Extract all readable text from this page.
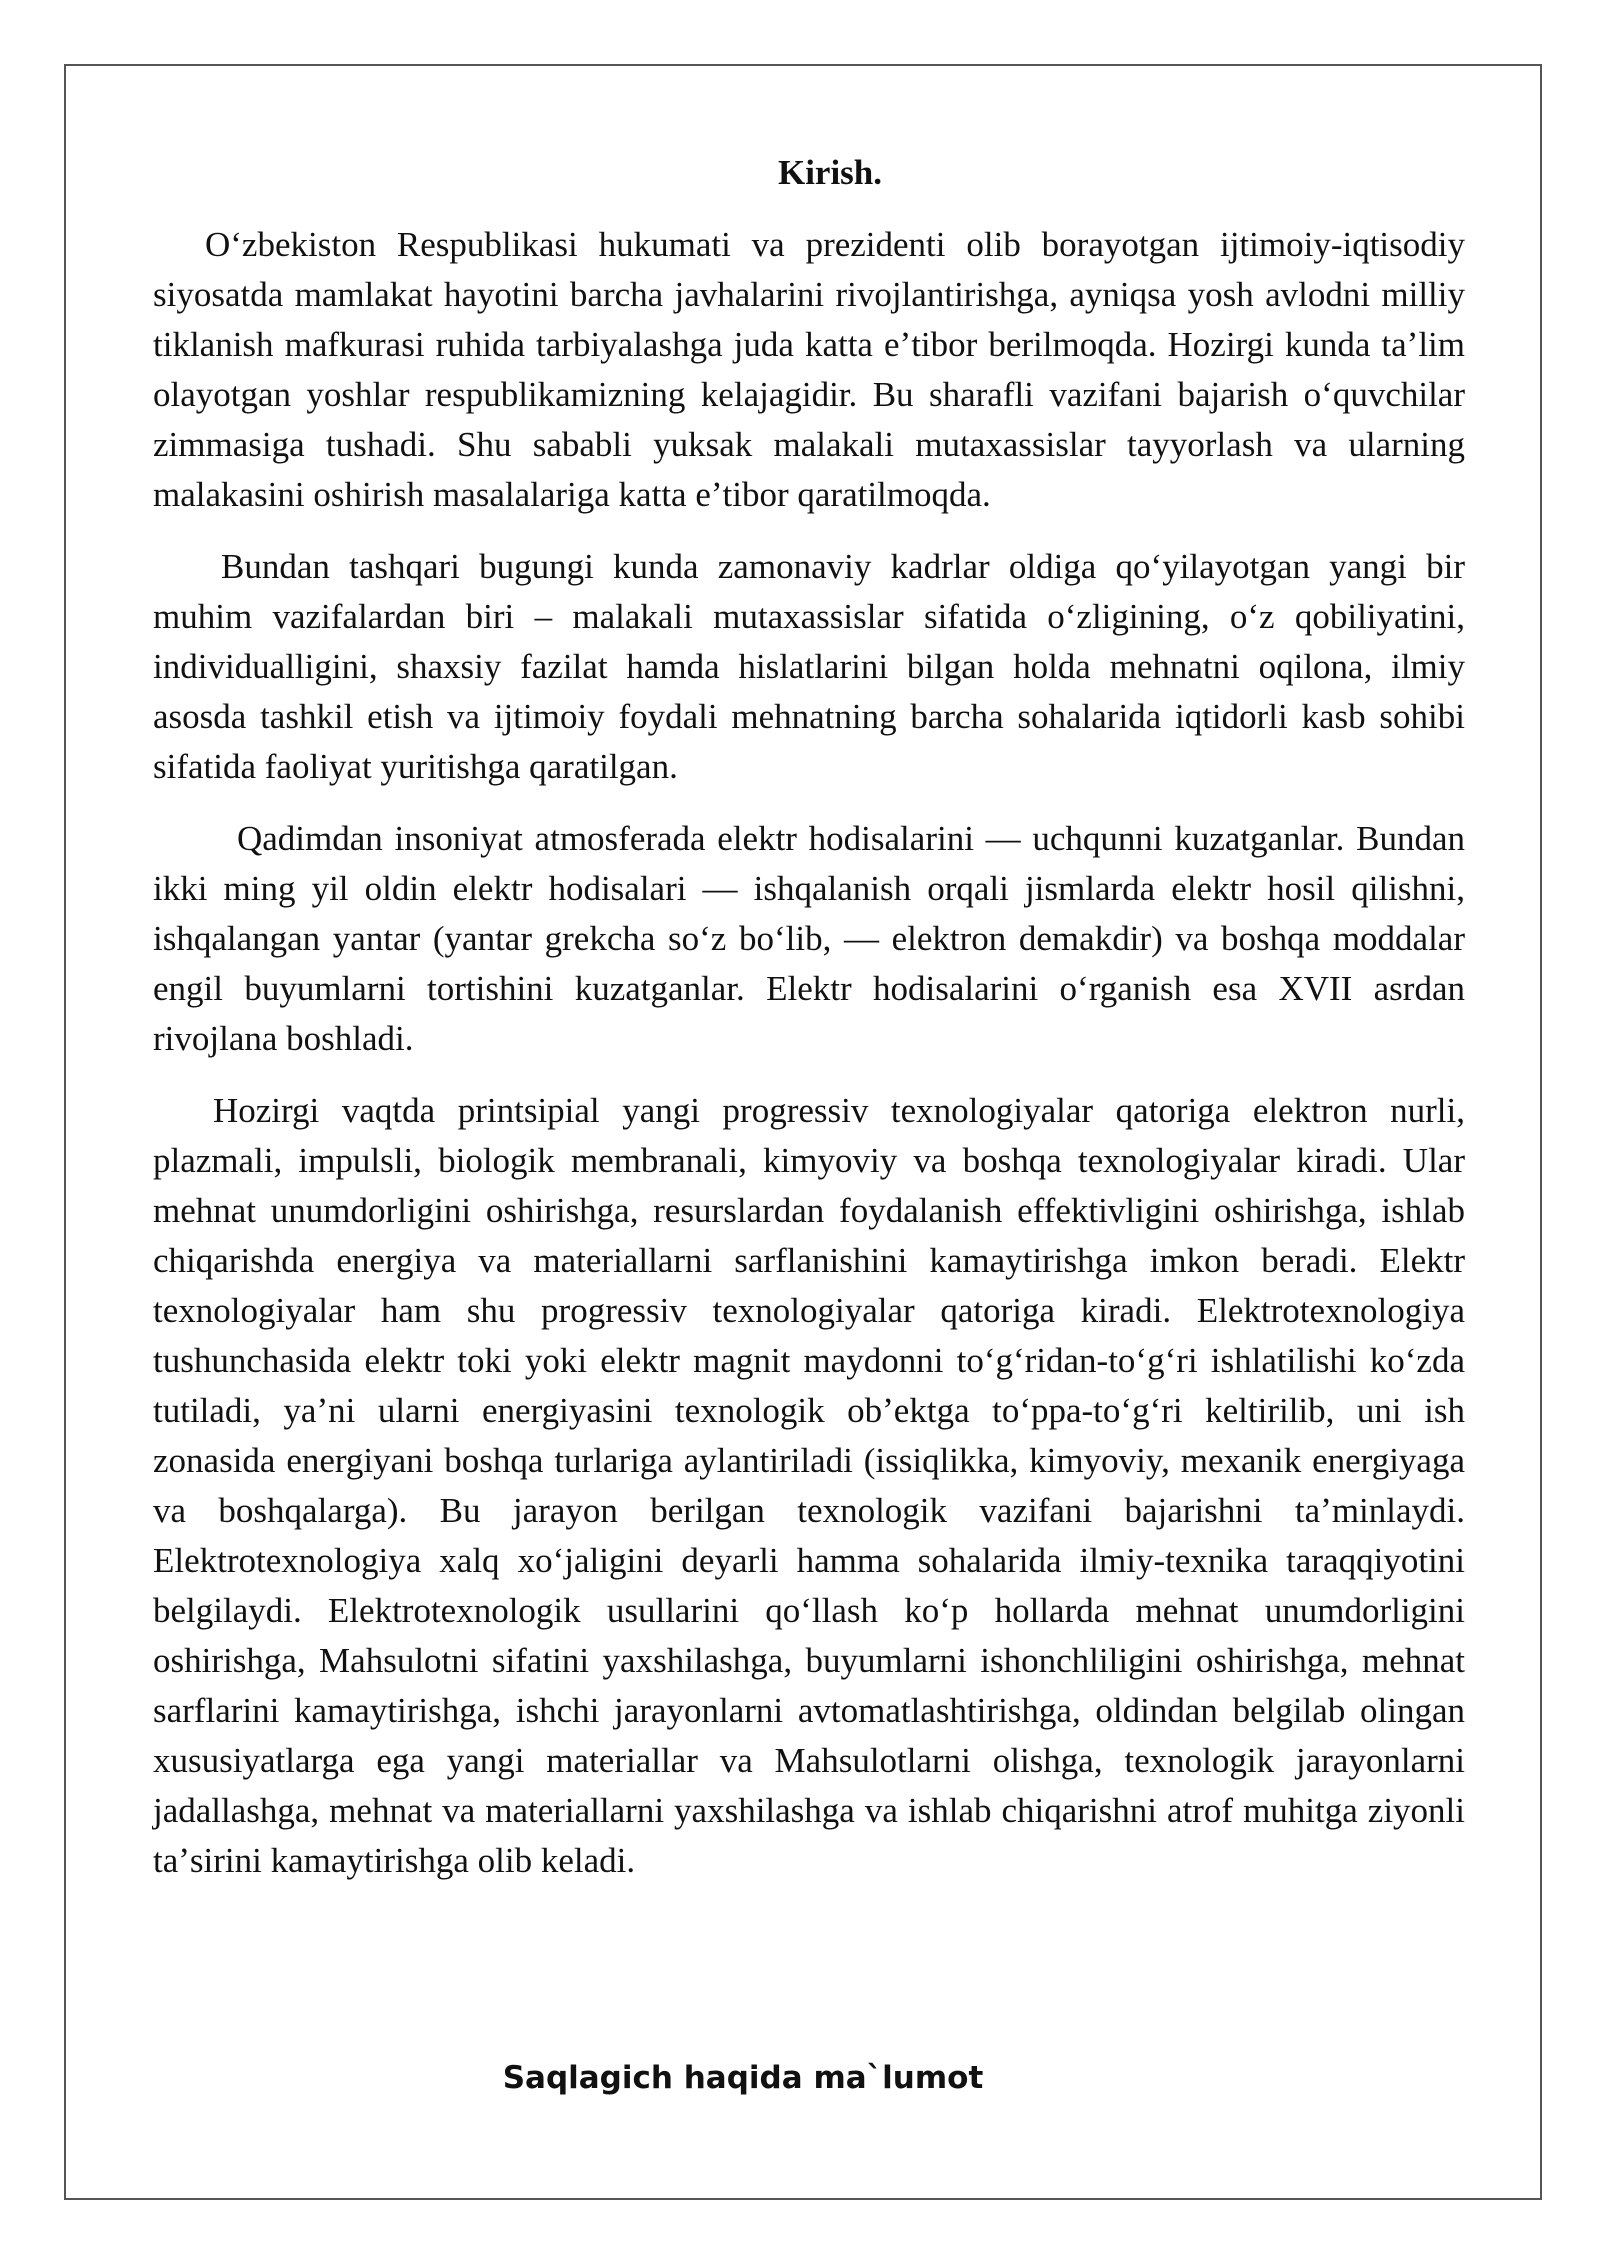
Kirish.

Oʻzbekiston Respublikasi hukumati va prezidenti olib borayotgan ijtimoiy-iqtisodiy siyosatda mamlakat hayotini barcha javhalarini rivojlantirishga, ayniqsa yosh avlodni milliy tiklanish mafkurasi ruhida tarbiyalashga juda katta eʼtibor berilmoqda. Hozirgi kunda taʼlim olayotgan yoshlar respublikamizning kelajagidir. Bu sharafli vazifani bajarish oʻquvchilar zimmasiga tushadi. Shu sababli yuksak malakali mutaxassislar tayyorlash va ularning malakasini oshirish masalalariga katta eʼtibor qaratilmoqda.

Bundan tashqari bugungi kunda zamonaviy kadrlar oldiga qoʻyilayotgan yangi bir muhim vazifalardan biri – malakali mutaxassislar sifatida oʻzligining, oʻz qobiliyatini, individualligini, shaxsiy fazilat hamda hislatlarini bilgan holda mehnatni oqilona, ilmiy asosda tashkil etish va ijtimoiy foydali mehnatning barcha sohalarida iqtidorli kasb sohibi sifatida faoliyat yuritishga qaratilgan.

Qadimdan insoniyat atmosferada elektr hodisalarini — uchqunni kuzatganlar. Bundan ikki ming yil oldin elektr hodisalari — ishqalanish orqali jismlarda elektr hosil qilishni, ishqalangan yantar (yantar grekcha soʻz boʻlib, — elektron demakdir) va boshqa moddalar engil buyumlarni tortishini kuzatganlar. Elektr hodisalarini oʻrganish esa XVII asrdan rivojlana boshladi.

Hozirgi vaqtda printsipial yangi progressiv texnologiyalar qatoriga elektron nurli, plazmali, impulsli, biologik membranali, kimyoviy va boshqa texnologiyalar kiradi. Ular mehnat unumdorligini oshirishga, resurslardan foydalanish effektivligini oshirishga, ishlab chiqarishda energiya va materiallarni sarflanishini kamaytirishga imkon beradi. Elektr texnologiyalar ham shu progressiv texnologiyalar qatoriga kiradi. Elektrotexnologiya tushunchasida elektr toki yoki elektr magnit maydonni toʻgʻridan-toʻgʻri ishlatilishi koʻzda tutiladi, yaʼni ularni energiyasini texnologik obʼektga toʻppa-toʻgʻri keltirilib, uni ish zonasida energiyani boshqa turlariga aylantiriladi (issiqlikka, kimyoviy, mexanik energiyaga va boshqalarga). Bu jarayon berilgan texnologik vazifani bajarishni taʼminlaydi. Elektrotexnologiya xalq xoʻjaligini deyarli hamma sohalarida ilmiy-texnika taraqqiyotini belgilaydi. Elektrotexnologik usullarini qoʻllash koʻp hollarda mehnat unumdorligini oshirishga, Mahsulotni sifatini yaxshilashga, buyumlarni ishonchliligini oshirishga, mehnat sarflarini kamaytirishga, ishchi jarayonlarni avtomatlashtirishga, oldindan belgilab olingan xususiyatlarga ega yangi materiallar va Mahsulotlarni olishga, texnologik jarayonlarni jadallashga, mehnat va materiallarni yaxshilashga va ishlab chiqarishni atrof muhitga ziyonli taʼsirini kamaytirishga olib keladi.

Saqlagich haqida ma`lumot
